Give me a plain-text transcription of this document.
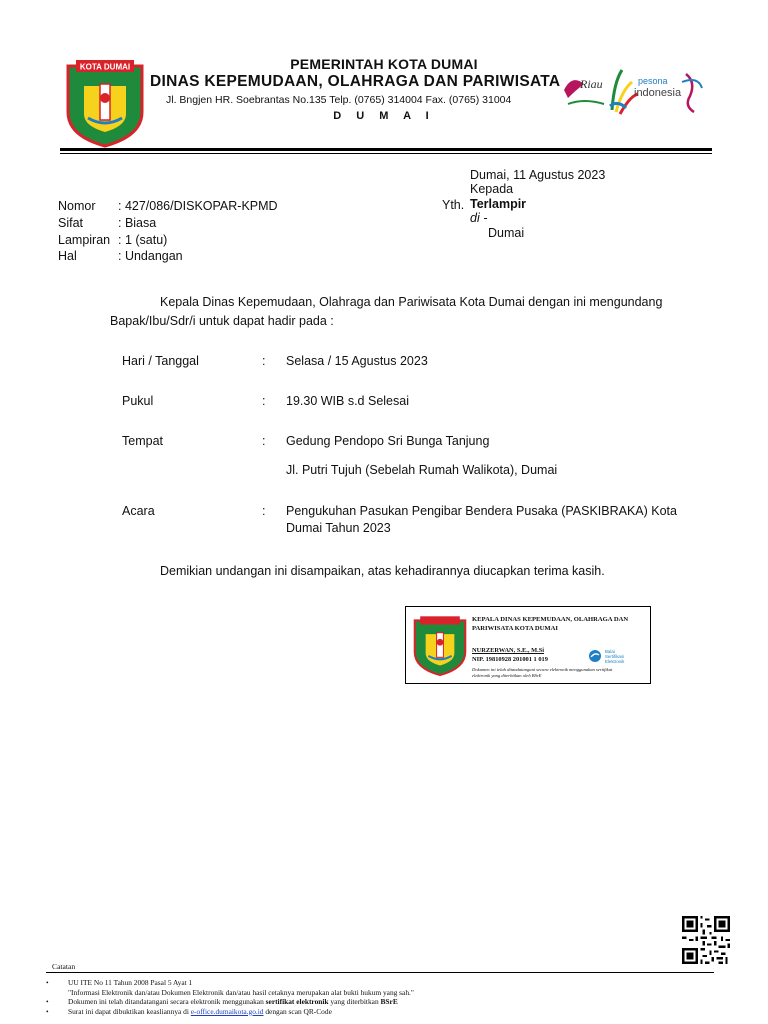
KOTA DUMAI	PEMERINTAH KOTA DUMAI
DINAS KEPEMUDAAN, OLAHRAGA DAN PARIWISATA
Jl. Bngjen HR. Soebrantas No.135 Telp. (0765) 314004 Fax. (0765) 31004
D U M A I
Riau	pesona
indonesia
Dumai, 11 Agustus 2023
Kepada
Yth. Terlampir
di -
Dumai
Nomor : 427/086/DISKOPAR-KPMD
Sifat	: Biasa
Lampiran : 1 (satu)
Hal	: Undangan
Kepala Dinas Kepemudaan, Olahraga dan Pariwisata Kota Dumai dengan ini mengundang Bapak/Ibu/Sdr/i untuk dapat hadir pada :
Hari / Tanggal	: Selasa / 15 Agustus 2023
Pukul	: 19.30 WIB s.d Selesai
Tempat	: Gedung Pendopo Sri Bunga Tanjung
Jl. Putri Tujuh (Sebelah Rumah Walikota), Dumai
Acara	: Pengukuhan Pasukan Pengibar Bendera Pusaka (PASKIBRAKA) Kota Dumai Tahun 2023
Demikian undangan ini disampaikan, atas kehadirannya diucapkan terima kasih.
KEPALA DINAS KEPEMUDAAN, OLAHRAGA DAN PARIWISATA KOTA DUMAI
NURZERWAN, S.E., M.Si
NIP. 19810928 201001 1 019
Dokumen ini telah ditandatangani secara elektronik menggunakan sertifikat elektronik yang diterbitkan oleh BSrE
Balai
Sertifikasi
Elektronik
Catatan
• UU ITE No 11 Tahun 2008 Pasal 5 Ayat 1
"Informasi Elektronik dan/atau Dokumen Elektronik dan/atau hasil cetaknya merupakan alat bukti hukum yang sah."
• Dokumen ini telah ditandatangani secara elektronik menggunakan sertifikat elektronik yang diterbitkan BSrE
• Surat ini dapat dibuktikan keasliannya di e-office.dumaikota.go.id dengan scan QR-Code
